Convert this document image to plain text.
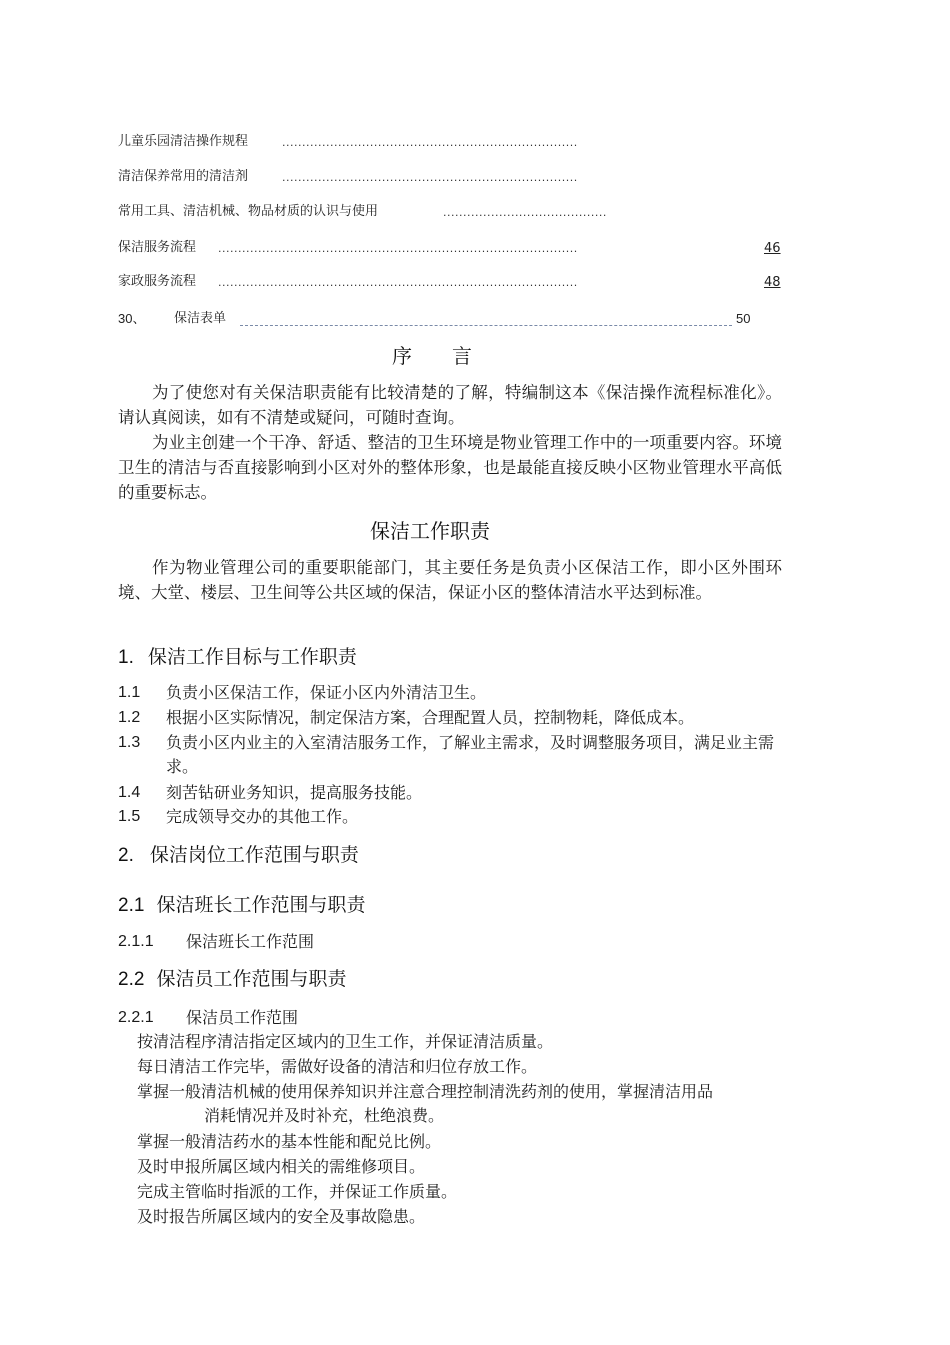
儿童乐园清洁操作规程	..........................................................................
清洁保养常用的清洁剂	..........................................................................
常用工具、清洁机械、物品材质的认识与使用	.........................................
保洁服务流程 ..........................................................................................	46
家政服务流程 ..........................................................................................	48
30、 保洁表单	50
序　　言
为了使您对有关保洁职责能有比较清楚的了解，特编制这本《保洁操作流程标准化》。请认真阅读，如有不清楚或疑问，可随时查询。
为业主创建一个干净、舒适、整洁的卫生环境是物业管理工作中的一项重要内容。环境卫生的清洁与否直接影响到小区对外的整体形象，也是最能直接反映小区物业管理水平高低的重要标志。
保洁工作职责
作为物业管理公司的重要职能部门，其主要任务是负责小区保洁工作，即小区外围环境、大堂、楼层、卫生间等公共区域的保洁，保证小区的整体清洁水平达到标准。
1. 保洁工作目标与工作职责
1.1 负责小区保洁工作，保证小区内外清洁卫生。
1.2 根据小区实际情况，制定保洁方案，合理配置人员，控制物耗，降低成本。
1.3 负责小区内业主的入室清洁服务工作，了解业主需求，及时调整服务项目，满足业主需求。
1.4 刻苦钻研业务知识，提高服务技能。
1.5 完成领导交办的其他工作。
2. 保洁岗位工作范围与职责
2.1 保洁班长工作范围与职责
2.1.1 保洁班长工作范围
2.2 保洁员工作范围与职责
2.2.1 保洁员工作范围
按清洁程序清洁指定区域内的卫生工作，并保证清洁质量。
每日清洁工作完毕，需做好设备的清洁和归位存放工作。
掌握一般清洁机械的使用保养知识并注意合理控制清洗药剂的使用，掌握清洁用品
消耗情况并及时补充，杜绝浪费。
掌握一般清洁药水的基本性能和配兑比例。
及时申报所属区域内相关的需维修项目。
完成主管临时指派的工作，并保证工作质量。
及时报告所属区域内的安全及事故隐患。
